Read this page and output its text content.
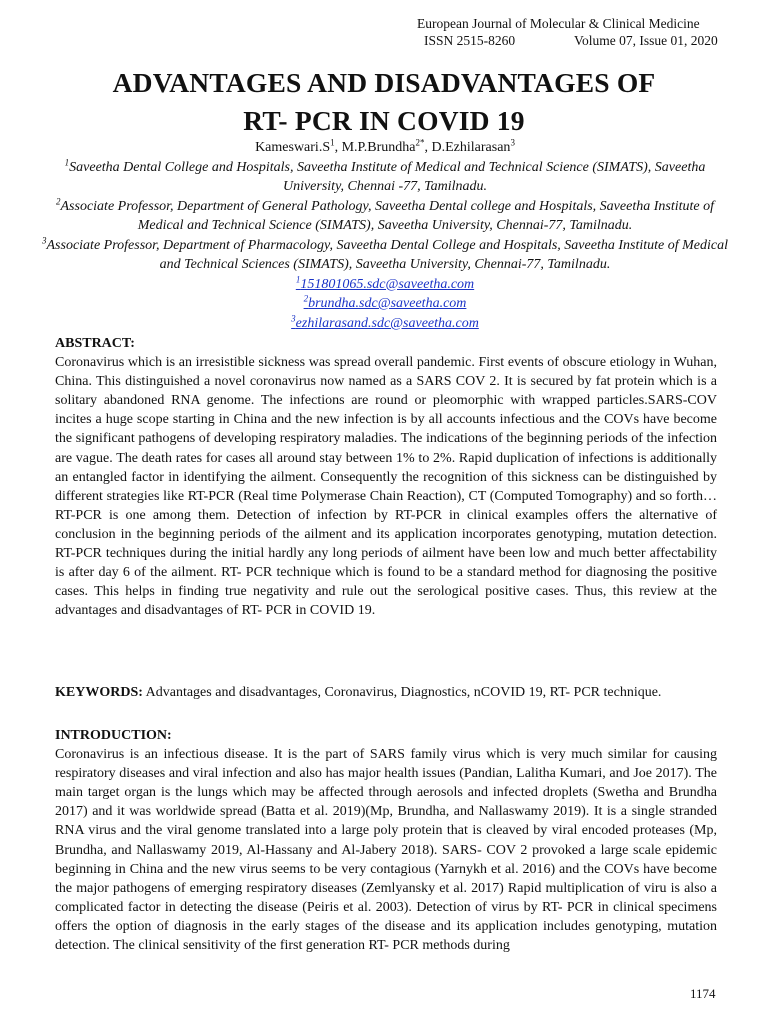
European Journal of Molecular & Clinical Medicine
ISSN 2515-8260	Volume 07, Issue 01, 2020
ADVANTAGES AND DISADVANTAGES OF
RT- PCR IN COVID 19
$Kameswari.S^1$, M.P.Brundha$^{2*}$, D.Ezhilarasan$^3$
$^1$Saveetha Dental College and Hospitals, Saveetha Institute of Medical and Technical Science (SIMATS), Saveetha University, Chennai -77, Tamilnadu.
$^2$Associate Professor, Department of General Pathology, Saveetha Dental college and Hospitals, Saveetha Institute of Medical and Technical Science (SIMATS), Saveetha University, Chennai-77, Tamilnadu.
$^3$Associate Professor, Department of Pharmacology, Saveetha Dental College and Hospitals, Saveetha Institute of Medical and Technical Sciences (SIMATS), Saveetha University, Chennai-77, Tamilnadu.
$^1$151801065.sdc@saveetha.com
$^2$brundha.sdc@saveetha.com
$^3$ezhilarasand.sdc@saveetha.com
ABSTRACT:

Coronavirus which is an irresistible sickness was spread overall pandemic. First events of obscure etiology in Wuhan, China. This distinguished a novel coronavirus now named as a SARS COV 2. It is secured by fat protein which is a solitary abandoned RNA genome. The infections are round or pleomorphic with wrapped particles.SARS-COV incites a huge scope starting in China and the new infection is by all accounts infectious and the COVs have become the significant pathogens of developing respiratory maladies. The indications of the beginning periods of the infection are vague. The death rates for cases all around stay between 1% to 2%. Rapid duplication of infections is additionally an entangled factor in identifying the ailment. Consequently the recognition of this sickness can be distinguished by different strategies like RT-PCR (Real time Polymerase Chain Reaction), CT (Computed Tomography) and so forth… RT-PCR is one among them. Detection of infection by RT-PCR in clinical examples offers the alternative of conclusion in the beginning periods of the ailment and its application incorporates genotyping, mutation detection. RT-PCR techniques during the initial hardly any long periods of ailment have been low and much better affectability is after day 6 of the ailment. RT- PCR technique which is found to be a standard method for diagnosing the positive cases. This helps in finding true negativity and rule out the serological positive cases. Thus, this review at the advantages and disadvantages of RT- PCR in COVID 19.

KEYWORDS: Advantages and disadvantages, Coronavirus, Diagnostics, nCOVID 19, RT- PCR technique.

INTRODUCTION:

Coronavirus is an infectious disease. It is the part of SARS family virus which is very much similar for causing respiratory diseases and viral infection and also has major health issues (Pandian, Lalitha Kumari, and Joe 2017). The main target organ is the lungs which may be affected through aerosols and infected droplets (Swetha and Brundha 2017) and it was worldwide spread (Batta et al. 2019)(Mp, Brundha, and Nallaswamy 2019). It is a single stranded RNA virus and the viral genome translated into a large poly protein that is cleaved by viral encoded proteases (Mp, Brundha, and Nallaswamy 2019, Al-Hassany and Al-Jabery 2018). SARS- COV 2 provoked a large scale epidemic beginning in China and the new virus seems to be very contagious (Yarnykh et al. 2016) and the COVs have become the major pathogens of emerging respiratory diseases (Zemlyansky et al. 2017) Rapid multiplication of viru is also a complicated factor in detecting the disease (Peiris et al. 2003). Detection of virus by RT- PCR in clinical specimens offers the option of diagnosis in the early stages of the disease and its application includes genotyping, mutation detection. The clinical sensitivity of the first generation RT- PCR methods during

1174
